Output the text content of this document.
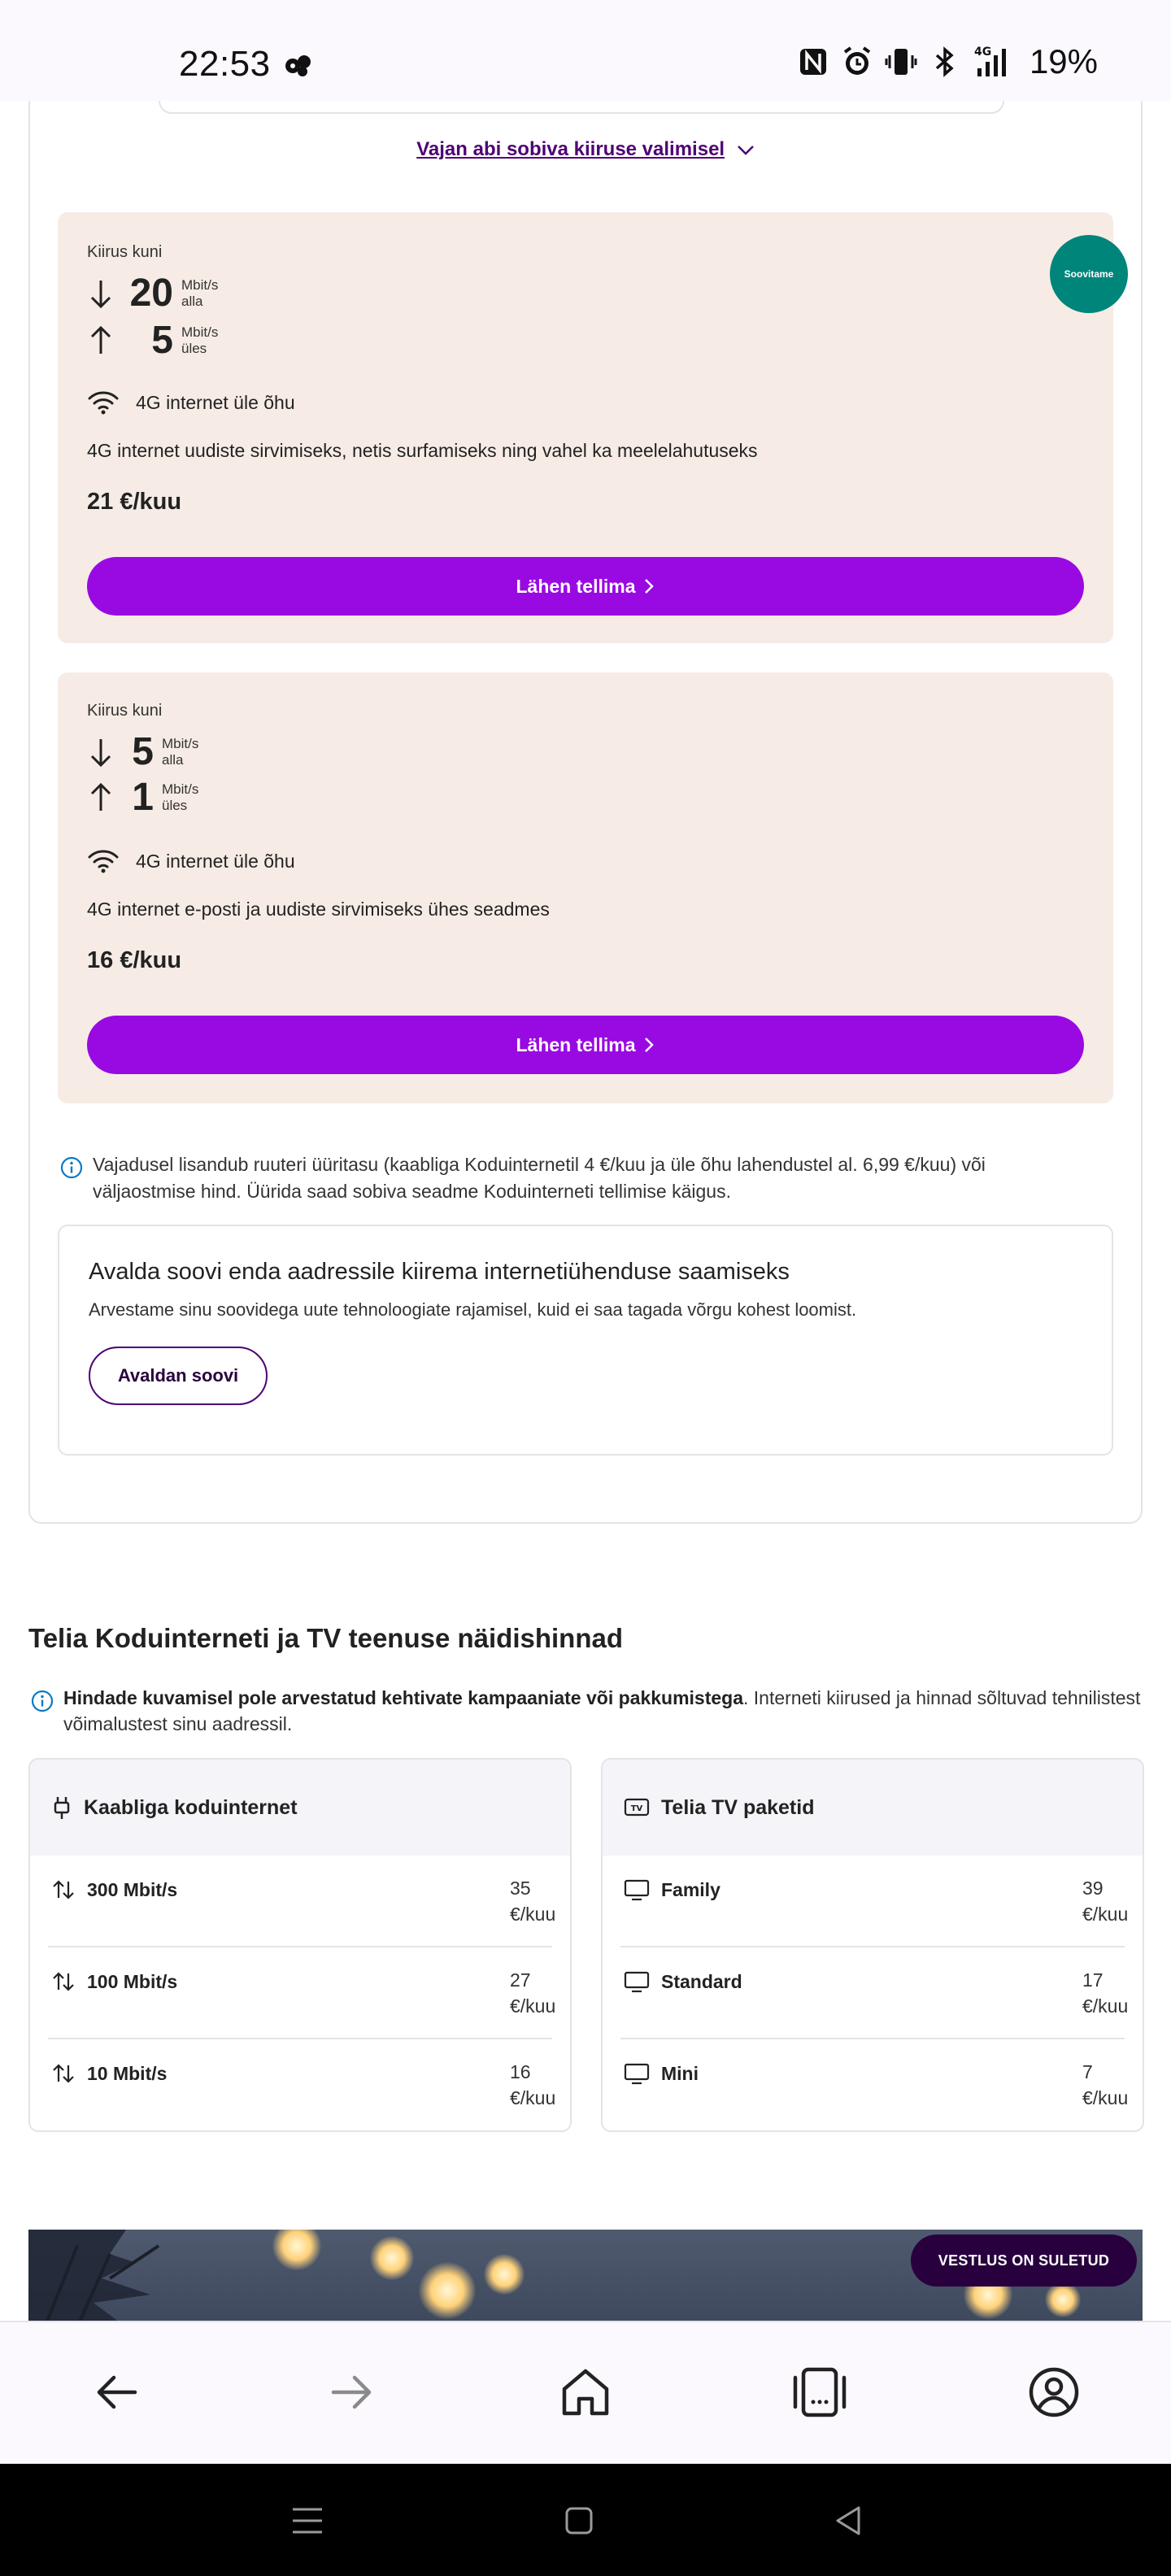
22:53	4G 19%
Vajan abi sobiva kiiruse valimisel
Soovitame
Kiirus kuni
20 Mbit/s
alla
5 Mbit/s
üles
4G internet üle õhu
4G internet uudiste sirvimiseks, netis surfamiseks ning vahel ka meelelahutuseks
21 €/kuu
Lähen tellima
Kiirus kuni
5 Mbit/s
alla
1 Mbit/s
üles
4G internet üle õhu
4G internet e-posti ja uudiste sirvimiseks ühes seadmes
16 €/kuu
Lähen tellima
Vajadusel lisandub ruuteri üüritasu (kaabliga Koduinternetil 4 €/kuu ja üle õhu lahendustel al. 6,99 €/kuu) või väljaostmise hind. Üürida saad sobiva seadme Koduinterneti tellimise käigus.
Avalda soovi enda aadressile kiirema internetiühenduse saamiseks
Arvestame sinu soovidega uute tehnoloogiate rajamisel, kuid ei saa tagada võrgu kohest loomist.
Avaldan soovi
Telia Koduinterneti ja TV teenuse näidishinnad
Hindade kuvamisel pole arvestatud kehtivate kampaaniate või pakkumistega. Interneti kiirused ja hinnad sõltuvad tehnilistest võimalustest sinu aadressil.
Kaabliga koduinternet
300 Mbit/s	35
€/kuu
100 Mbit/s	27
€/kuu
10 Mbit/s	16
€/kuu
TV Telia TV paketid
Family	39
€/kuu
Standard	17
€/kuu
Mini	7
€/kuu
VESTLUS ON SULETUD
